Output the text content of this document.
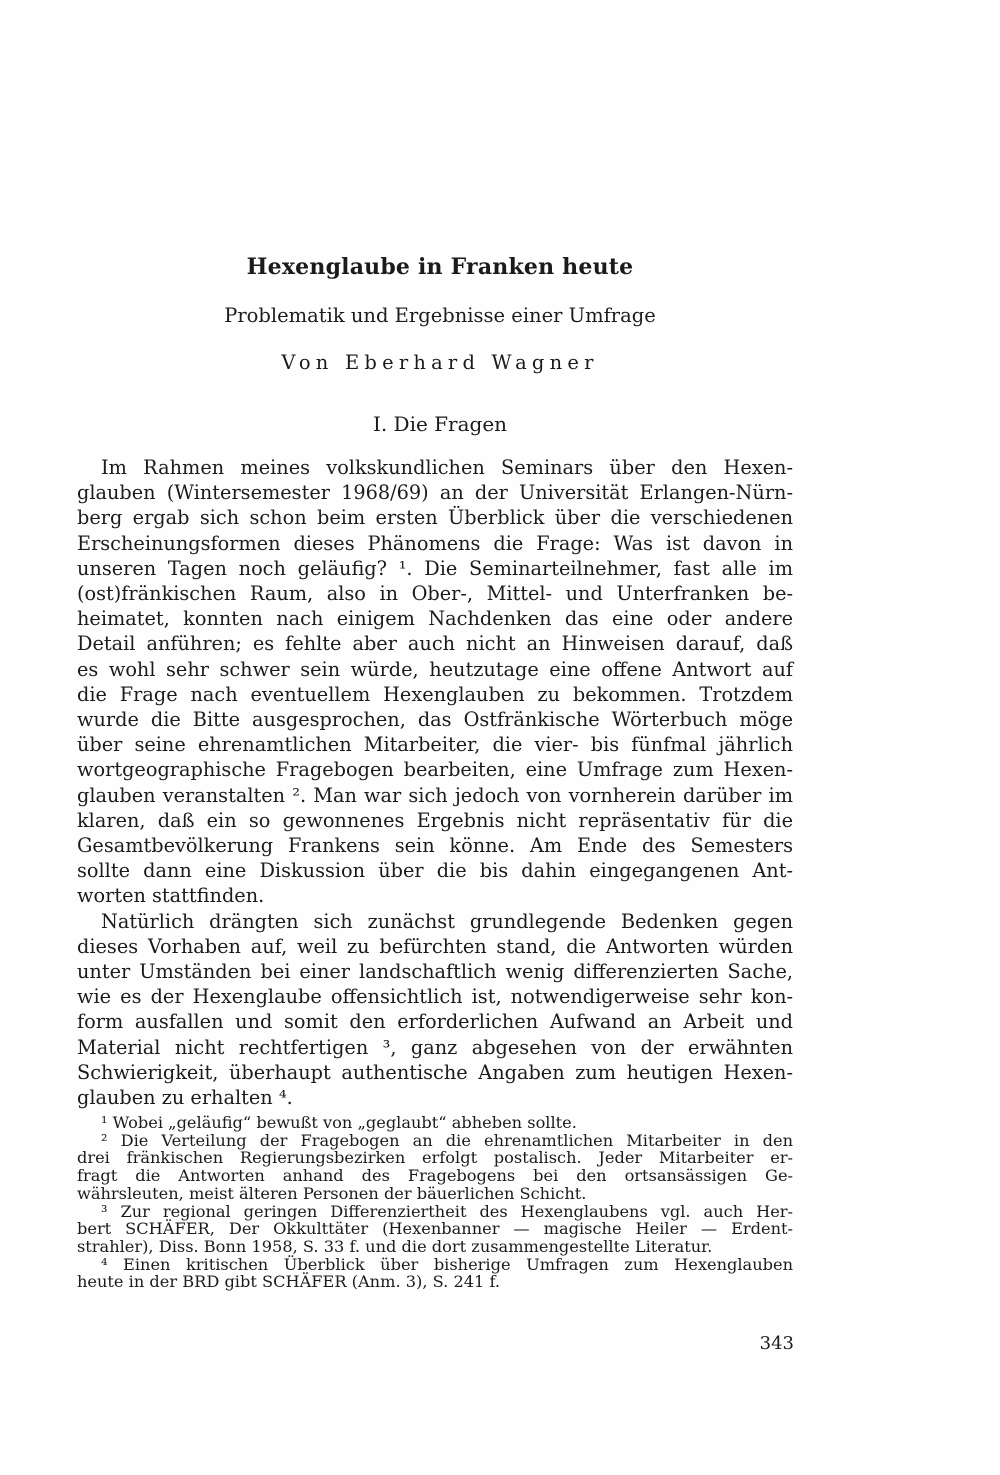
Hexenglaube in Franken heute
Problematik und Ergebnisse einer Umfrage
Von Eberhard Wagner
I. Die Fragen
Im Rahmen meines volkskundlichen Seminars über den Hexen-
glauben (Wintersemester 1968/69) an der Universität Erlangen-Nürn-
berg ergab sich schon beim ersten Überblick über die verschiedenen
Erscheinungsformen dieses Phänomens die Frage: Was ist davon in
unseren Tagen noch geläufig? ¹. Die Seminarteilnehmer, fast alle im
(ost)fränkischen Raum, also in Ober-, Mittel- und Unterfranken be-
heimatet, konnten nach einigem Nachdenken das eine oder andere
Detail anführen; es fehlte aber auch nicht an Hinweisen darauf, daß
es wohl sehr schwer sein würde, heutzutage eine offene Antwort auf
die Frage nach eventuellem Hexenglauben zu bekommen. Trotzdem
wurde die Bitte ausgesprochen, das Ostfränkische Wörterbuch möge
über seine ehrenamtlichen Mitarbeiter, die vier- bis fünfmal jährlich
wortgeographische Fragebogen bearbeiten, eine Umfrage zum Hexen-
glauben veranstalten ². Man war sich jedoch von vornherein darüber im
klaren, daß ein so gewonnenes Ergebnis nicht repräsentativ für die
Gesamtbevölkerung Frankens sein könne. Am Ende des Semesters
sollte dann eine Diskussion über die bis dahin eingegangenen Ant-
worten stattfinden.
Natürlich drängten sich zunächst grundlegende Bedenken gegen
dieses Vorhaben auf, weil zu befürchten stand, die Antworten würden
unter Umständen bei einer landschaftlich wenig differenzierten Sache,
wie es der Hexenglaube offensichtlich ist, notwendigerweise sehr kon-
form ausfallen und somit den erforderlichen Aufwand an Arbeit und
Material nicht rechtfertigen ³, ganz abgesehen von der erwähnten
Schwierigkeit, überhaupt authentische Angaben zum heutigen Hexen-
glauben zu erhalten ⁴.
¹ Wobei „geläufig“ bewußt von „geglaubt“ abheben sollte.
² Die Verteilung der Fragebogen an die ehrenamtlichen Mitarbeiter in den
drei fränkischen Regierungsbezirken erfolgt postalisch. Jeder Mitarbeiter er-
fragt die Antworten anhand des Fragebogens bei den ortsansässigen Ge-
währsleuten, meist älteren Personen der bäuerlichen Schicht.
³ Zur regional geringen Differenziertheit des Hexenglaubens vgl. auch Her-
bert SCHÄFER, Der Okkulttäter (Hexenbanner — magische Heiler — Erdent-
strahler), Diss. Bonn 1958, S. 33 f. und die dort zusammengestellte Literatur.
⁴ Einen kritischen Überblick über bisherige Umfragen zum Hexenglauben
heute in der BRD gibt SCHÄFER (Anm. 3), S. 241 f.
343
